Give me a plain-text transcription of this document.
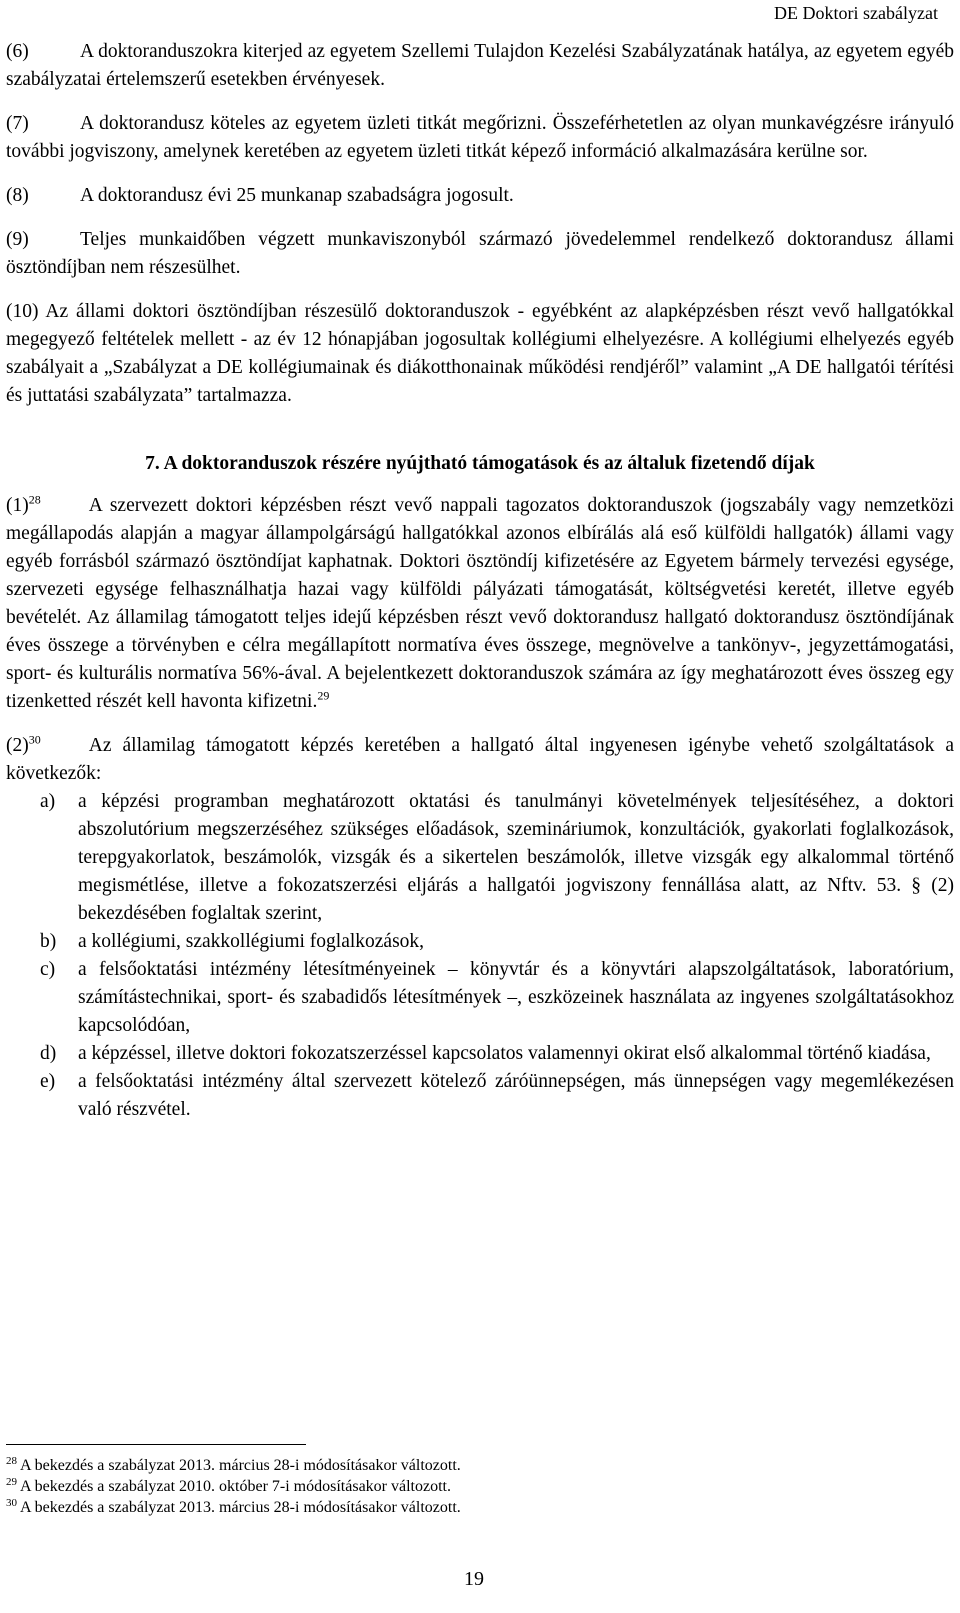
DE Doktori szabályzat

(6)	A doktoranduszokra kiterjed az egyetem Szellemi Tulajdon Kezelési Szabályzatának hatálya, az egyetem egyéb szabályzatai értelemszerű esetekben érvényesek.

(7)	A doktorandusz köteles az egyetem üzleti titkát megőrizni. Összeférhetetlen az olyan munkavégzésre irányuló további jogviszony, amelynek keretében az egyetem üzleti titkát képező információ alkalmazására kerülne sor.

(8)	A doktorandusz évi 25 munkanap szabadságra jogosult.

(9)	Teljes munkaidőben végzett munkaviszonyból származó jövedelemmel rendelkező doktorandusz állami ösztöndíjban nem részesülhet.

(10) Az állami doktori ösztöndíjban részesülő doktoranduszok - egyébként az alapképzésben részt vevő hallgatókkal megegyező feltételek mellett - az év 12 hónapjában jogosultak kollégiumi elhelyezésre. A kollégiumi elhelyezés egyéb szabályait a „Szabályzat a DE kollégiumainak és diákotthonainak működési rendjéről” valamint „A DE hallgatói térítési és juttatási szabályzata” tartalmazza.

7. A doktoranduszok részére nyújtható támogatások és az általuk fizetendő díjak

$(1)^{28}$ A szervezett doktori képzésben részt vevő nappali tagozatos doktoranduszok (jogszabály vagy nemzetközi megállapodás alapján a magyar állampolgárságú hallgatókkal azonos elbírálás alá eső külföldi hallgatók) állami vagy egyéb forrásból származó ösztöndíjat kaphatnak. Doktori ösztöndíj kifizetésére az Egyetem bármely tervezési egysége, szervezeti egysége felhasználhatja hazai vagy külföldi pályázati támogatását, költségvetési keretét, illetve egyéb bevételét. Az államilag támogatott teljes idejű képzésben részt vevő doktorandusz hallgató doktorandusz ösztöndíjának éves összege a törvényben e célra megállapított normatíva éves összege, megnövelve a tankönyv-, jegyzettámogatási, sport- és kulturális normatíva 56%-ával. A bejelentkezett doktoranduszok számára az így meghatározott éves összeg egy tizenketted részét kell havonta kifizetni.$^{29}$

$(2)^{30}$ Az államilag támogatott képzés keretében a hallgató által ingyenesen igénybe vehető szolgáltatások a következők:

a) a képzési programban meghatározott oktatási és tanulmányi követelmények teljesítéséhez, a doktori abszolutórium megszerzéséhez szükséges előadások, szemináriumok, konzultációk, gyakorlati foglalkozások, terepgyakorlatok, beszámolók, vizsgák és a sikertelen beszámolók, illetve vizsgák egy alkalommal történő megismétlése, illetve a fokozatszerzési eljárás a hallgatói jogviszony fennállása alatt, az Nftv. 53. § (2) bekezdésében foglaltak szerint,
b) a kollégiumi, szakkollégiumi foglalkozások,
c) a felsőoktatási intézmény létesítményeinek – könyvtár és a könyvtári alapszolgáltatások, laboratórium, számítástechnikai, sport- és szabadidős létesítmények –, eszközeinek használata az ingyenes szolgáltatásokhoz kapcsolódóan,
d) a képzéssel, illetve doktori fokozatszerzéssel kapcsolatos valamennyi okirat első alkalommal történő kiadása,
e) a felsőoktatási intézmény által szervezett kötelező záróünnepségen, más ünnepségen vagy megemlékezésen való részvétel.
$^{28}$ A bekezdés a szabályzat 2013. március 28-i módosításakor változott.
$^{29}$ A bekezdés a szabályzat 2010. október 7-i módosításakor változott.
$^{30}$ A bekezdés a szabályzat 2013. március 28-i módosításakor változott.
19
